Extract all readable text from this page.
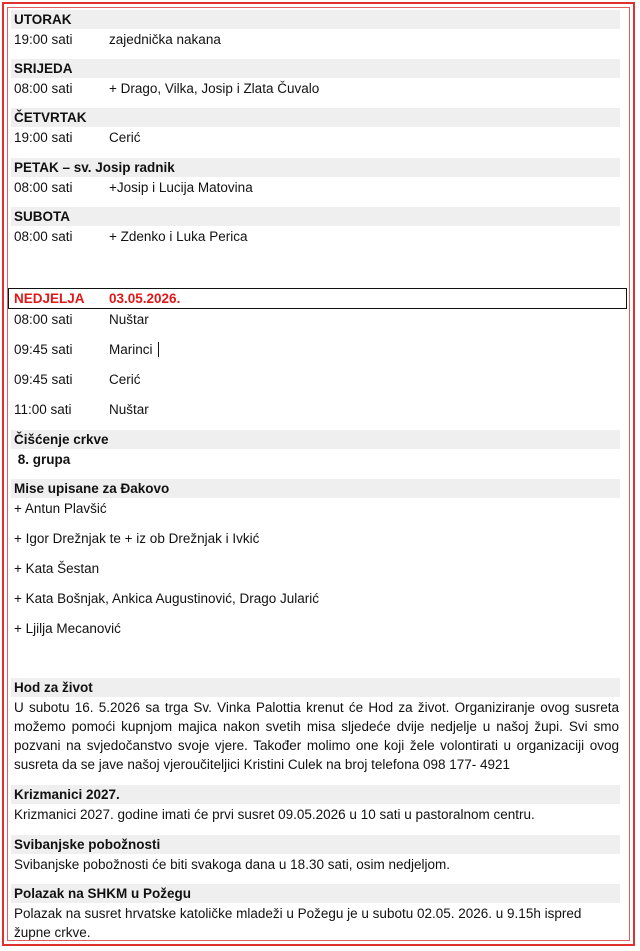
UTORAK
19:00 sati	zajednička nakana
SRIJEDA
08:00 sati	+ Drago, Vilka, Josip i Zlata Čuvalo
ČETVRTAK
19:00 sati	Cerić
PETAK – sv. Josip radnik
08:00 sati	+Josip i Lucija Matovina
SUBOTA
08:00 sati	+ Zdenko i Luka Perica
NEDJELJA 03.05.2026.
08:00 sati	Nuštar
09:45 sati	Marinci
09:45 sati	Cerić
11:00 sati	Nuštar
Čišćenje crkve
8. grupa
Mise upisane za Đakovo
+ Antun Plavšić
+ Igor Drežnjak te + iz ob Drežnjak i Ivkić
+ Kata Šestan
+ Kata Bošnjak, Ankica Augustinović, Drago Jularić
+ Ljilja Mecanović
Hod za život
U subotu 16. 5.2026 sa trga Sv. Vinka Palottia krenut će Hod za život. Organiziranje ovog susreta možemo pomoći kupnjom majica nakon svetih misa sljedeće dvije nedjelje u našoj župi. Svi smo pozvani na svjedočanstvo svoje vjere. Također molimo one koji žele volontirati u organizaciji ovog susreta da se jave našoj vjeroučiteljici Kristini Culek na broj telefona 098 177- 4921
Krizmanici 2027.
Krizmanici 2027. godine imati će prvi susret 09.05.2026 u 10 sati u pastoralnom centru.
Svibanjske pobožnosti
Svibanjske pobožnosti će biti svakoga dana u 18.30 sati, osim nedjeljom.
Polazak na SHKM u Požegu
Polazak na susret hrvatske katoličke mladeži u Požegu je u subotu 02.05. 2026. u 9.15h ispred župne crkve.
